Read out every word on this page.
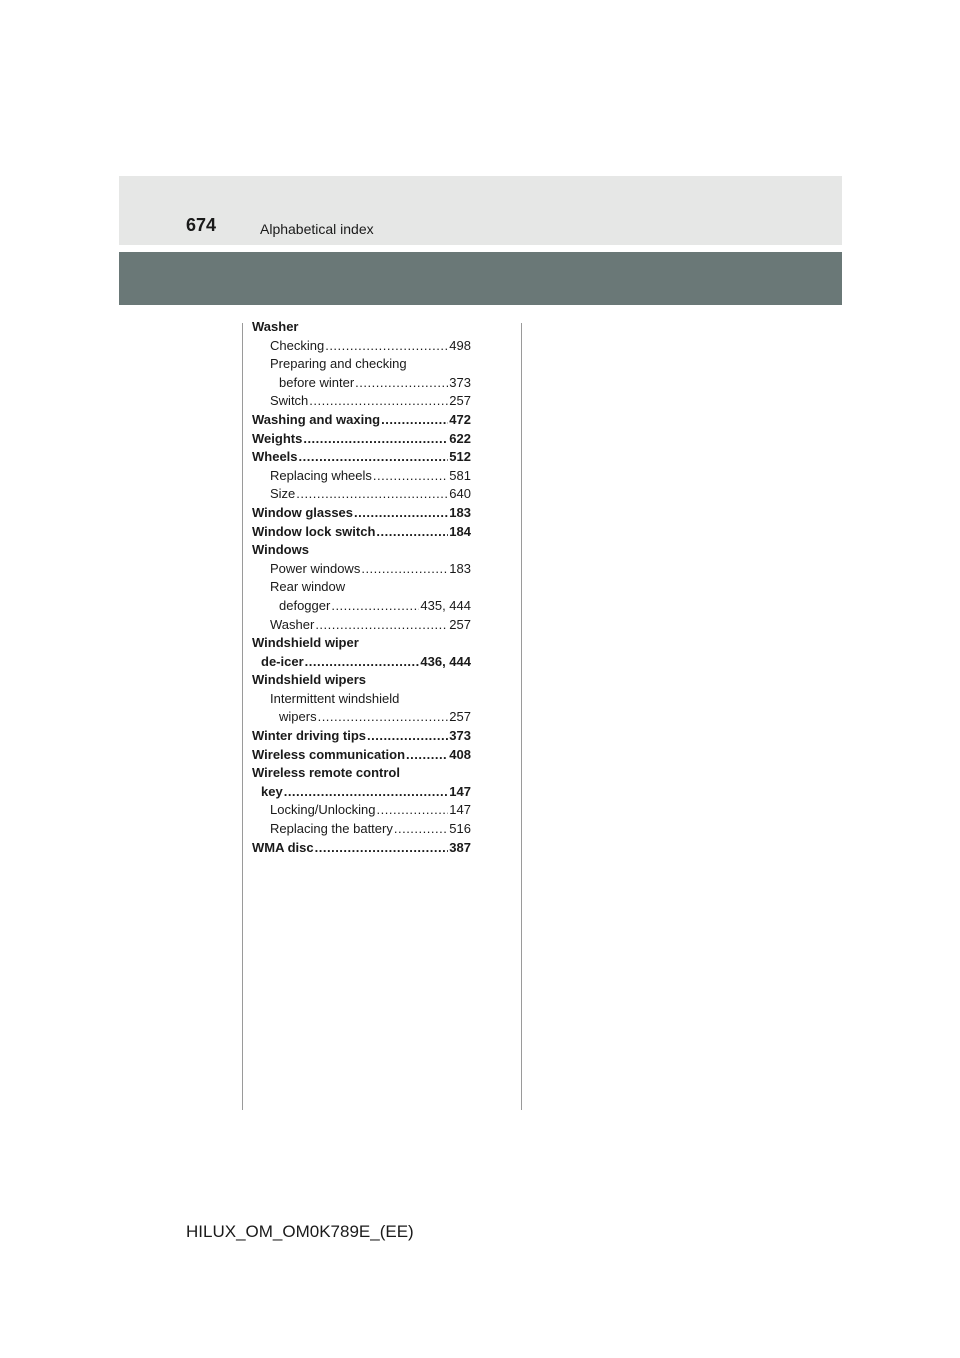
674	Alphabetical index
Washer
Checking .....	498
Preparing and checking
before winter .....	373
Switch .....	257
Washing and waxing .....	472
Weights .....	622
Wheels .....	512
Replacing wheels .....	581
Size .....	640
Window glasses .....	183
Window lock switch .....	184
Windows
Power windows .....	183
Rear window
defogger .....	435, 444
Washer .....	257
Windshield wiper
de-icer .....	436, 444
Windshield wipers
Intermittent windshield
wipers .....	257
Winter driving tips .....	373
Wireless communication .....	408
Wireless remote control
key .....	147
Locking/Unlocking .....	147
Replacing the battery .....	516
WMA disc .....	387
HILUX_OM_OM0K789E_(EE)
